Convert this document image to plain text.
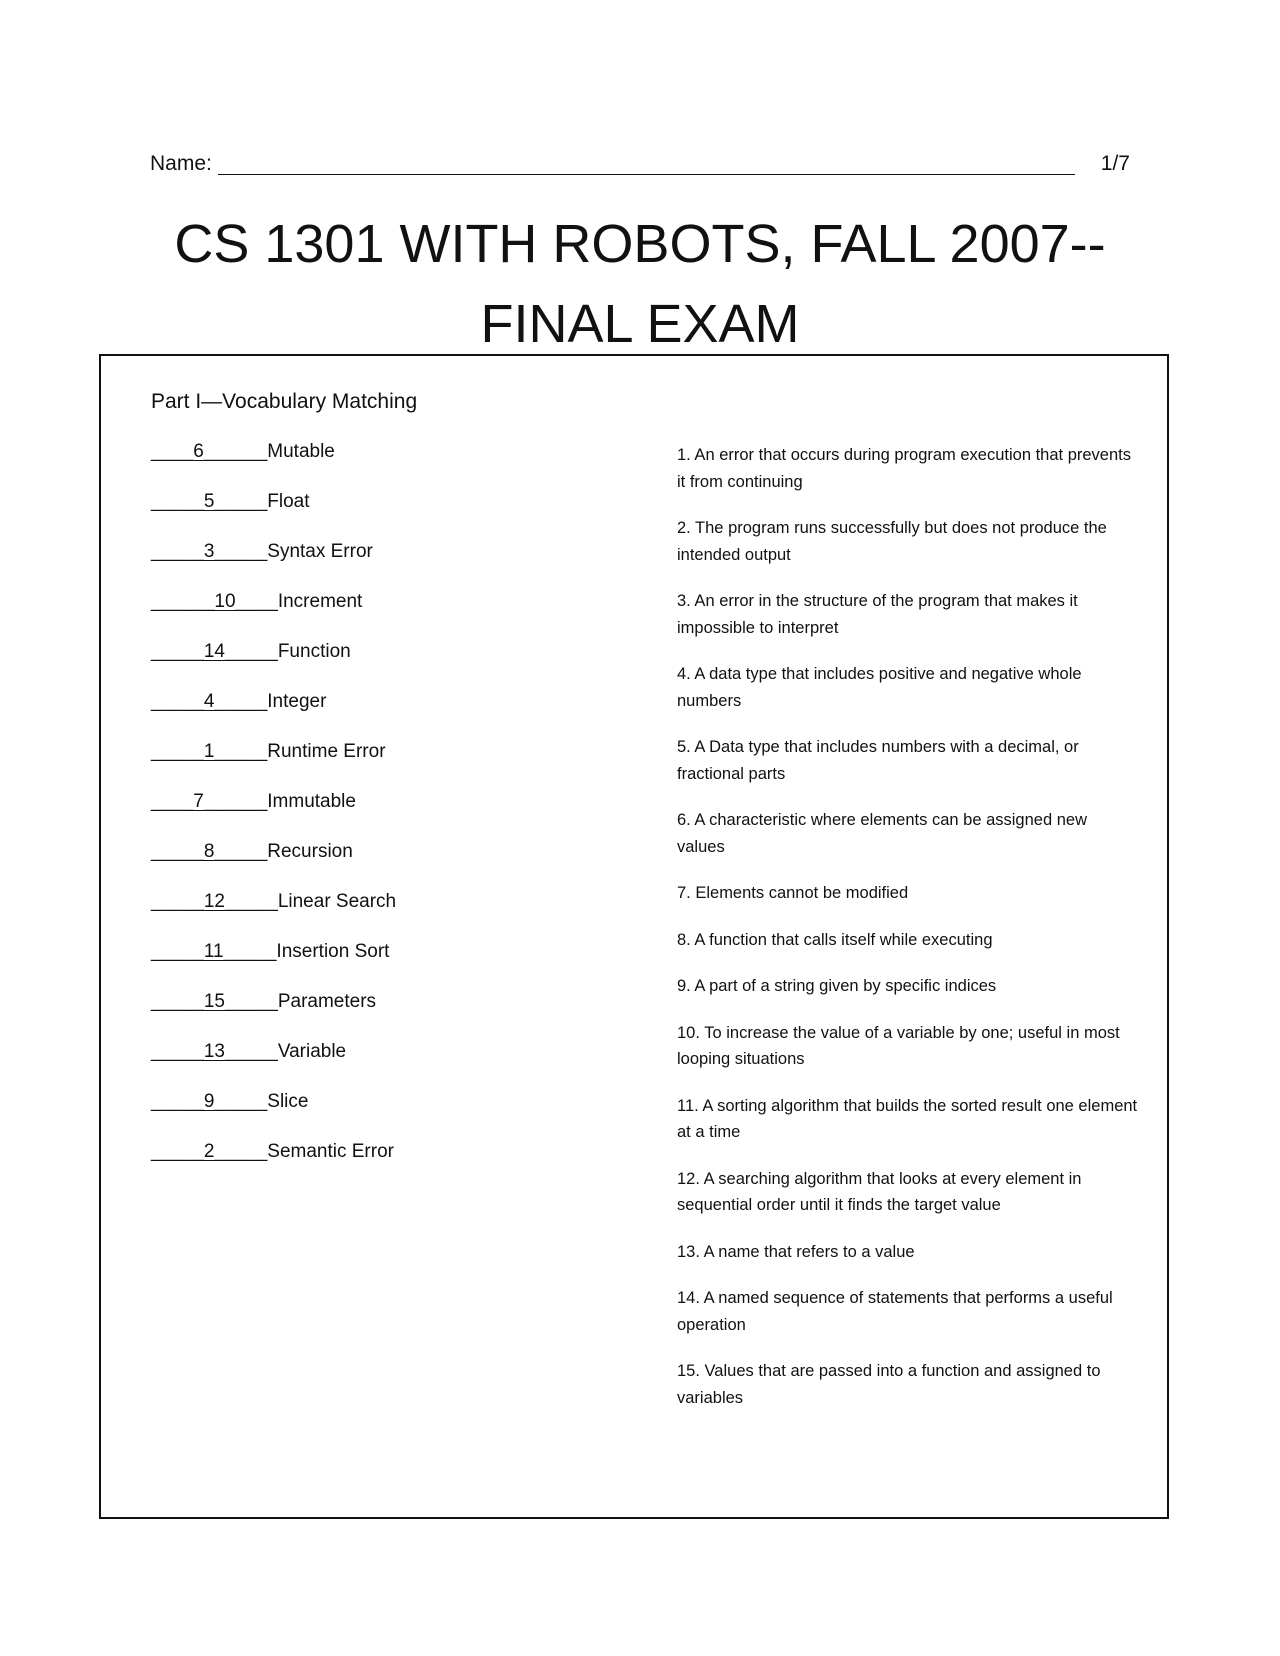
Name:	1/7
CS 1301 WITH ROBOTS, FALL 2007--
FINAL EXAM
Part I—Vocabulary Matching
____6______Mutable
_____5_____Float
_____3_____Syntax Error
______10____Increment
_____14_____Function
_____4_____Integer
_____1_____Runtime Error
____7______Immutable
_____8_____Recursion
_____12_____Linear Search
_____11_____Insertion Sort
_____15_____Parameters
_____13_____Variable
_____9_____Slice
_____2_____Semantic Error
1. An error that occurs during program execution that prevents it from continuing
2. The program runs successfully but does not produce the intended output
3. An error in the structure of the program that makes it impossible to interpret
4. A data type that includes positive and negative whole numbers
5. A Data type that includes numbers with a decimal, or fractional parts
6. A characteristic where elements can be assigned new values
7. Elements cannot be modified
8. A function that calls itself while executing
9. A part of a string given by specific indices
10. To increase the value of a variable by one; useful in most looping situations
11. A sorting algorithm that builds the sorted result one element at a time
12. A searching algorithm that looks at every element in sequential order until it finds the target value
13. A name that refers to a value
14. A named sequence of statements that performs a useful operation
15. Values that are passed into a function and assigned to variables
